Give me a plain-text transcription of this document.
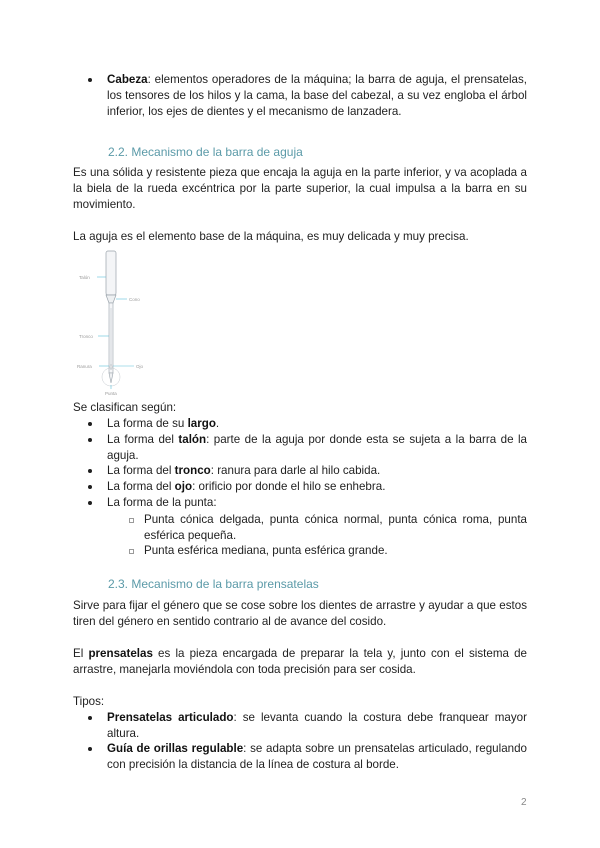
Cabeza: elementos operadores de la máquina; la barra de aguja, el prensatelas, los tensores de los hilos y la cama, la base del cabezal, a su vez engloba el árbol inferior, los ejes de dientes y el mecanismo de lanzadera.
2.2. Mecanismo de la barra de aguja

Es una sólida y resistente pieza que encaja la aguja en la parte inferior, y va acoplada a la biela de la rueda excéntrica por la parte superior, la cual impulsa a la barra en su movimiento.

La aguja es el elemento base de la máquina, es muy delicada y muy precisa.

Talón
Cono
Tronco
Ranura	Ojo
Punta

Se clasifican según:

La forma de su largo.
La forma del talón: parte de la aguja por donde esta se sujeta a la barra de la aguja.
La forma del tronco: ranura para darle al hilo cabida.
La forma del ojo: orificio por donde el hilo se enhebra.
La forma de la punta:
Punta cónica delgada, punta cónica normal, punta cónica roma, punta esférica pequeña.
Punta esférica mediana, punta esférica grande.
2.3. Mecanismo de la barra prensatelas

Sirve para fijar el género que se cose sobre los dientes de arrastre y ayudar a que estos tiren del género en sentido contrario al de avance del cosido.

El prensatelas es la pieza encargada de preparar la tela y, junto con el sistema de arrastre, manejarla moviéndola con toda precisión para ser cosida.

Tipos:

Prensatelas articulado: se levanta cuando la costura debe franquear mayor altura.
Guía de orillas regulable: se adapta sobre un prensatelas articulado, regulando con precisión la distancia de la línea de costura al borde.
2
